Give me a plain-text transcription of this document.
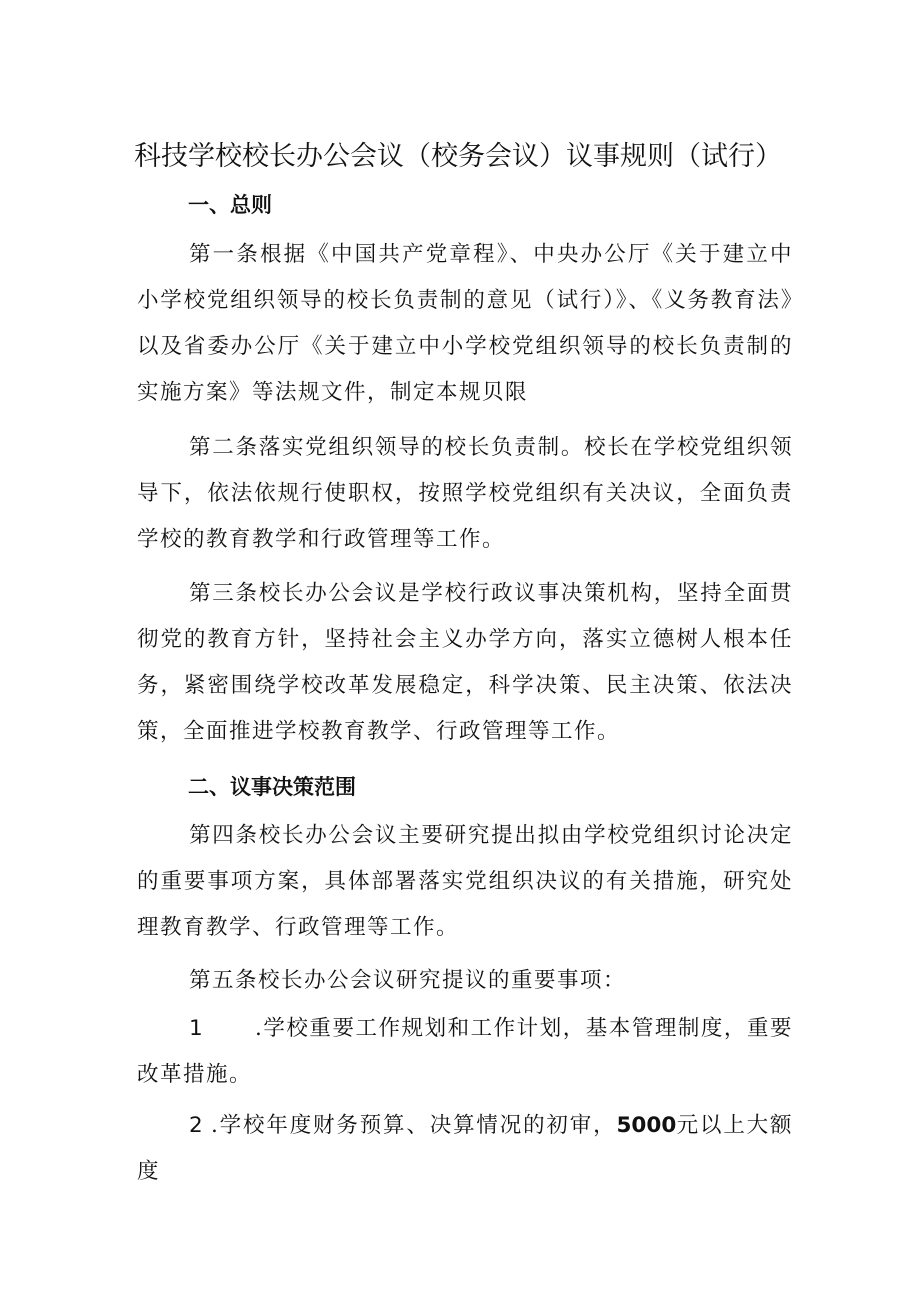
科技学校校长办公会议（校务会议）议事规则（试行）
一、总则

第一条根据《中国共产党章程》、中央办公厅《关于建立中小学校党组织领导的校长负责制的意见（试行）》、《义务教育法》以及省委办公厅《关于建立中小学校党组织领导的校长负责制的实施方案》等法规文件，制定本规贝限

第二条落实党组织领导的校长负责制。校长在学校党组织领导下，依法依规行使职权，按照学校党组织有关决议，全面负责学校的教育教学和行政管理等工作。

第三条校长办公会议是学校行政议事决策机构，坚持全面贯彻党的教育方针，坚持社会主义办学方向，落实立德树人根本任务，紧密围绕学校改革发展稳定，科学决策、民主决策、依法决策，全面推进学校教育教学、行政管理等工作。

二、议事决策范围

第四条校长办公会议主要研究提出拟由学校党组织讨论决定的重要事项方案，具体部署落实党组织决议的有关措施，研究处理教育教学、行政管理等工作。

第五条校长办公会议研究提议的重要事项：

1 .学校重要工作规划和工作计划，基本管理制度，重要改革措施。

2 .学校年度财务预算、决算情况的初审，5000元以上大额度
